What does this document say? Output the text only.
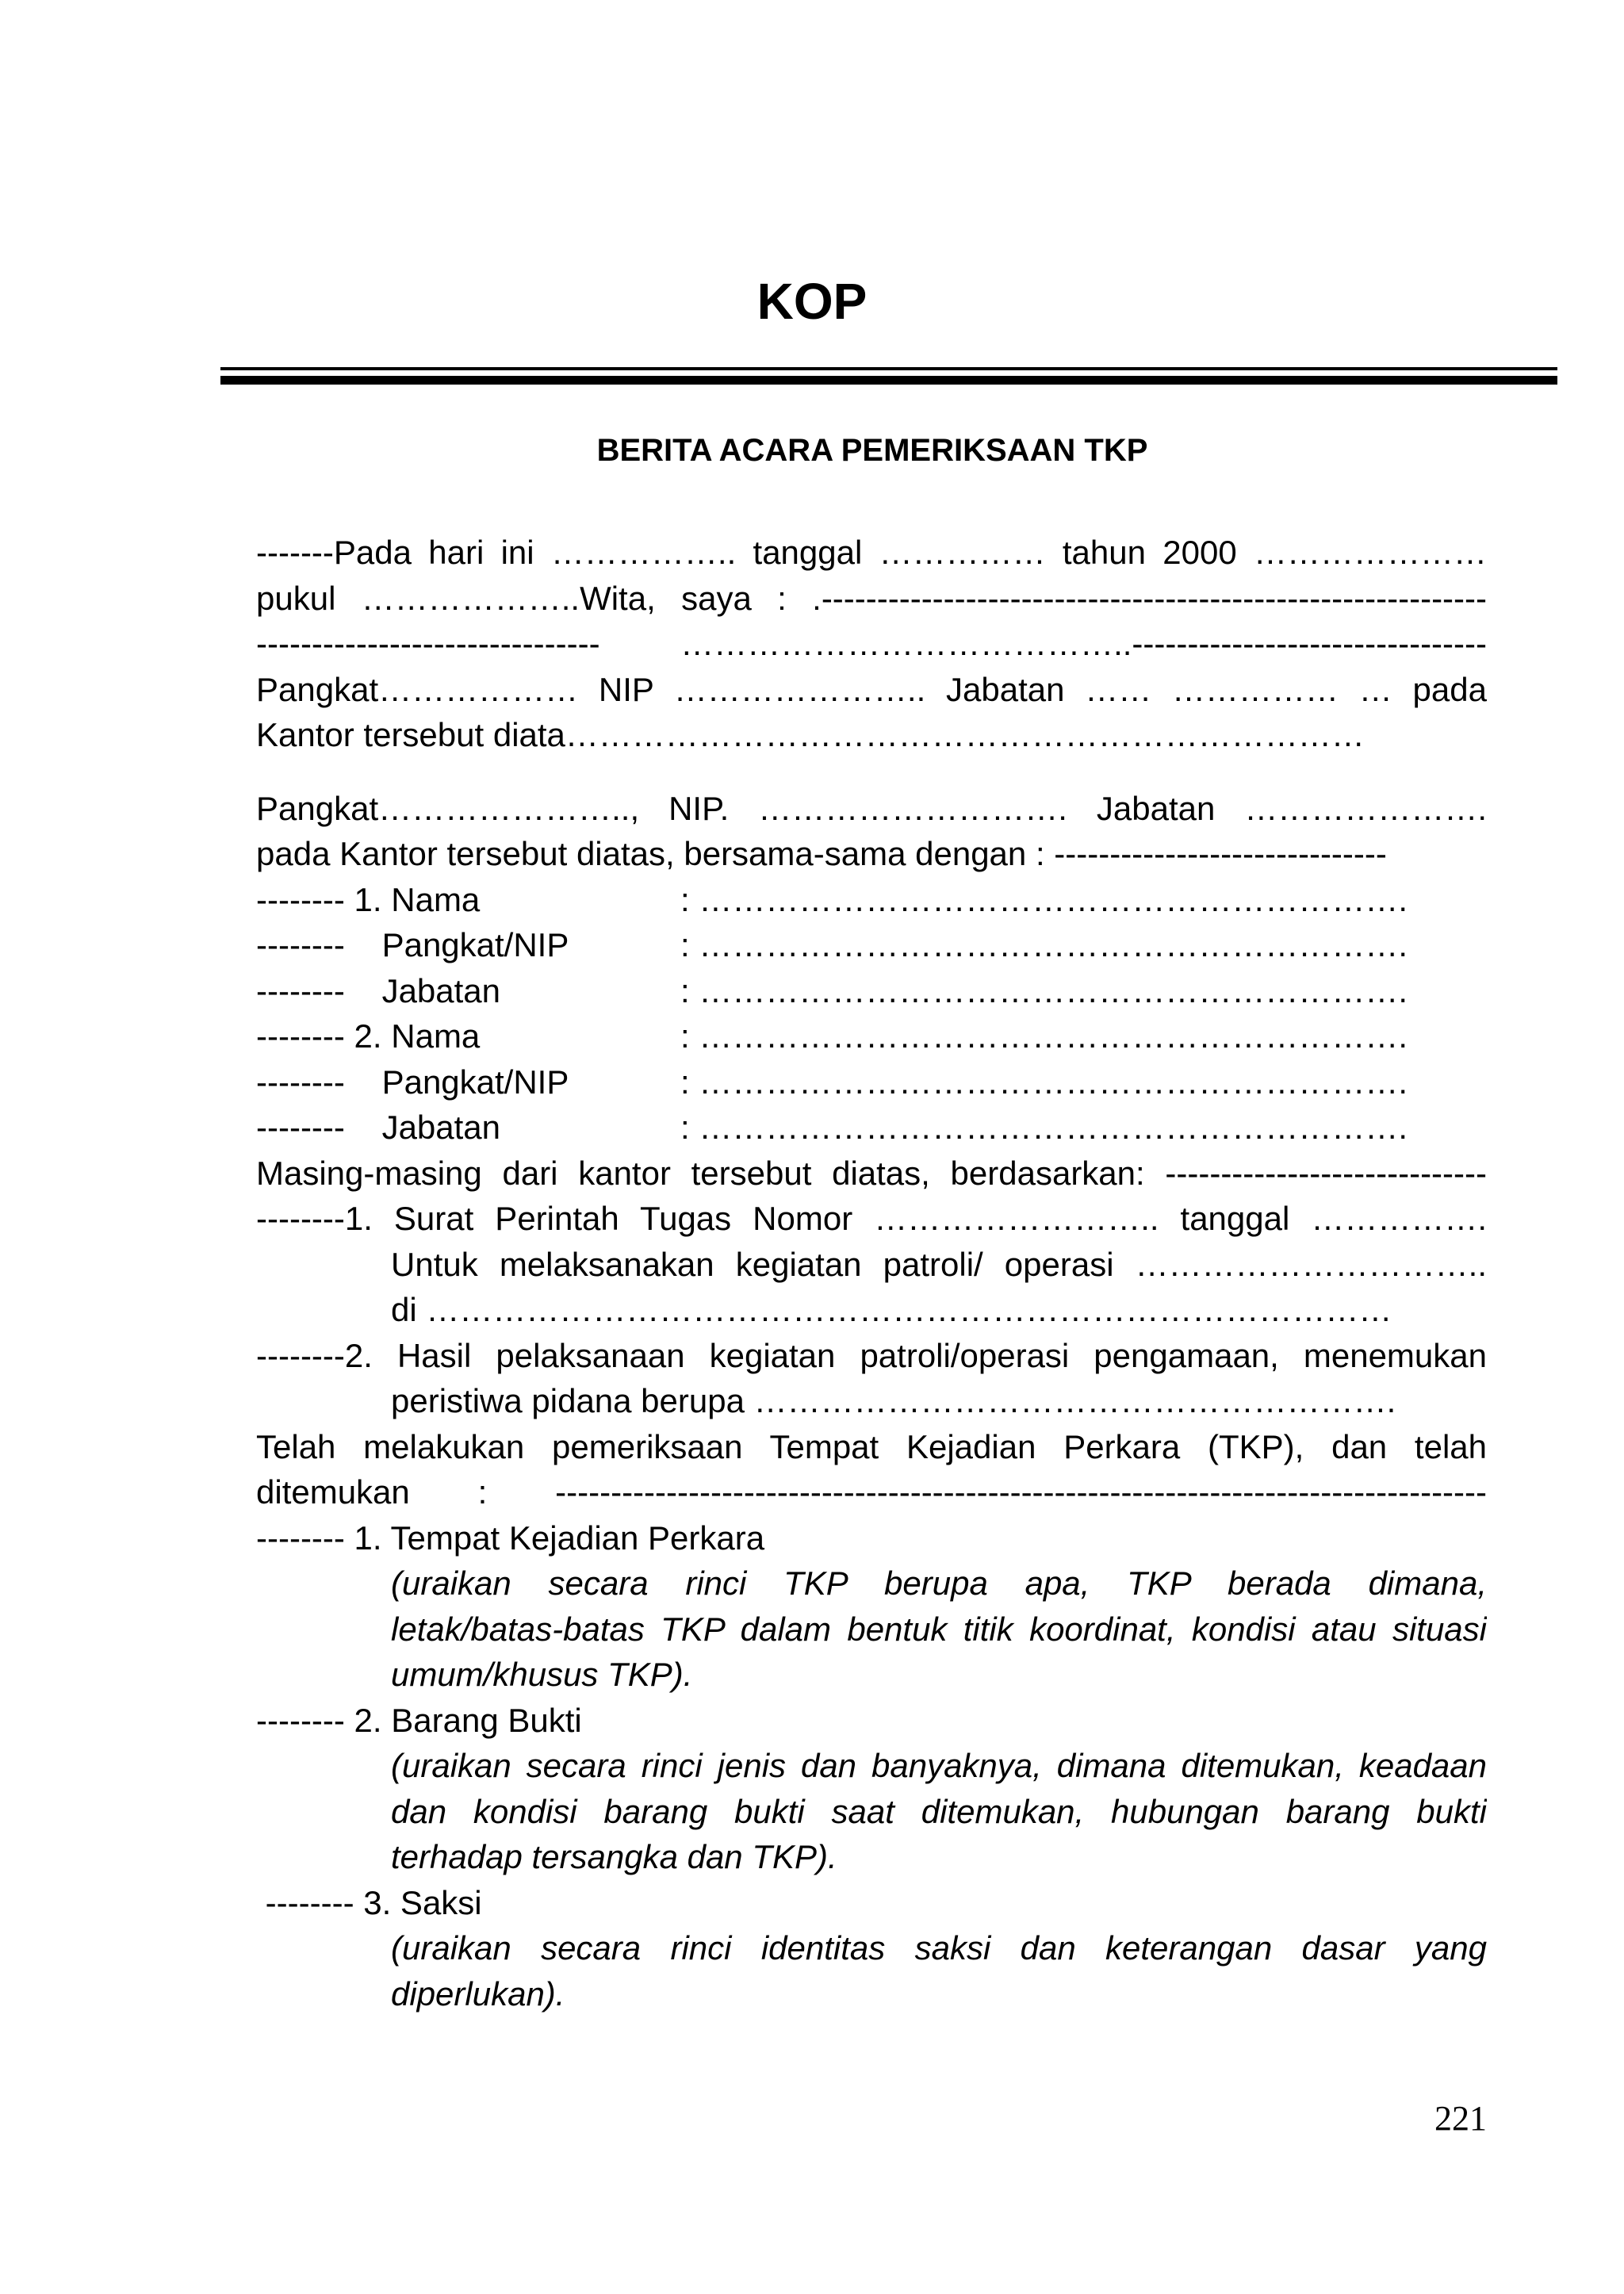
KOP
BERITA ACARA PEMERIKSAAN TKP
-------Pada hari ini …………….. tanggal …………… tahun 2000 …………………
pukul ………………..Wita, saya : .------------------------------------------------------------
------------------------------- …………………………………..--------------------------------
Pangkat……………… NIP ………………….. Jabatan …… …………… … pada
Kantor tersebut diata………………………………………………………………
Pangkat………………….., NIP. ………………………. Jabatan ………………….
pada Kantor tersebut diatas, bersama-sama dengan : ------------------------------
-------- 1. Nama	: ……………………………………………………….
--------    Pangkat/NIP	: ……………………………………………………….
--------    Jabatan	: ……………………………………………………….
-------- 2. Nama	: ……………………………………………………….
--------    Pangkat/NIP	: ……………………………………………………….
--------    Jabatan	: ……………………………………………………….
Masing-masing dari kantor tersebut diatas, berdasarkan: -----------------------------
--------1. Surat Perintah Tugas Nomor …………………….. tanggal …………….
Untuk melaksanakan kegiatan patroli/ operasi …………………………..
di ……………………………………………………………………………
--------2. Hasil pelaksanaan kegiatan patroli/operasi pengamaan, menemukan
peristiwa pidana berupa ………………………………………………….
Telah melakukan pemeriksaan Tempat Kejadian Perkara (TKP), dan telah
ditemukan : ------------------------------------------------------------------------------------
-------- 1. Tempat Kejadian Perkara
(uraikan secara rinci TKP berupa apa, TKP berada dimana,
letak/batas-batas TKP dalam bentuk titik koordinat, kondisi atau situasi
umum/khusus TKP).
-------- 2. Barang Bukti
(uraikan secara rinci jenis dan banyaknya, dimana ditemukan, keadaan
dan kondisi barang bukti saat ditemukan, hubungan barang bukti
terhadap tersangka dan TKP).
-------- 3. Saksi
(uraikan secara rinci identitas saksi dan keterangan dasar yang
diperlukan).
221
